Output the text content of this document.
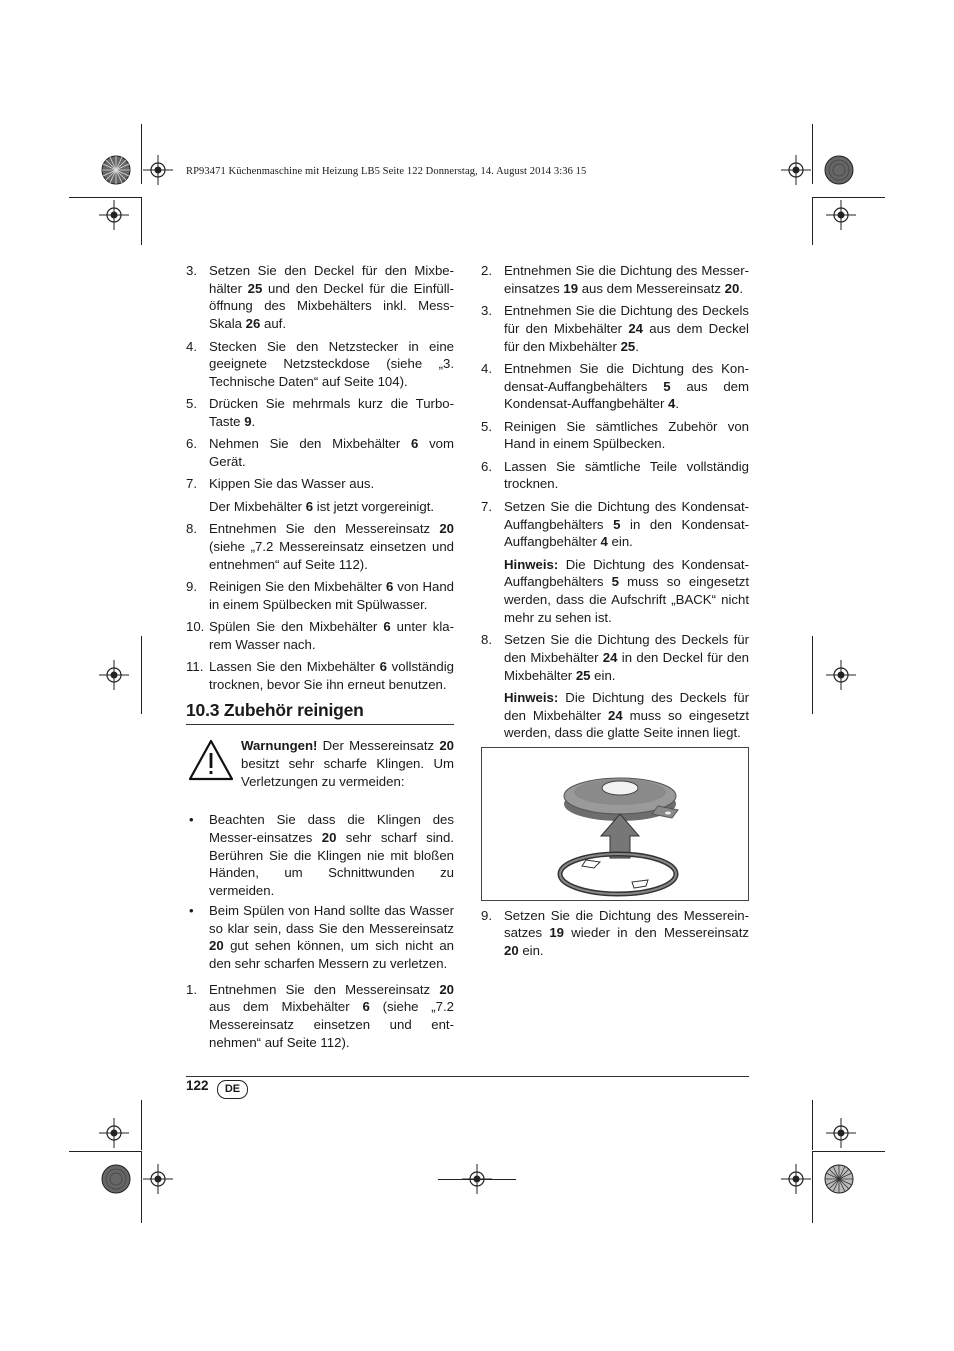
RP93471 Küchenmaschine mit Heizung LB5 Seite 122 Donnerstag, 14. August 2014 3:36 15
3. Setzen Sie den Deckel für den Mixbe-hälter 25 und den Deckel für die Einfüll-öffnung des Mixbehälters inkl. Mess-Skala 26 auf.
4. Stecken Sie den Netzstecker in eine geeignete Netzsteckdose (siehe „3. Technische Daten“ auf Seite 104).
5. Drücken Sie mehrmals kurz die Turbo-Taste 9.
6. Nehmen Sie den Mixbehälter 6 vom Gerät.
7. Kippen Sie das Wasser aus.
Der Mixbehälter 6 ist jetzt vorgereinigt.
8. Entnehmen Sie den Messereinsatz 20 (siehe „7.2 Messereinsatz einsetzen und entnehmen“ auf Seite 112).
9. Reinigen Sie den Mixbehälter 6 von Hand in einem Spülbecken mit Spülwasser.
10. Spülen Sie den Mixbehälter 6 unter kla-rem Wasser nach.
11. Lassen Sie den Mixbehälter 6 vollständig trocknen, bevor Sie ihn erneut benutzen.
10.3 Zubehör reinigen
Warnungen! Der Messereinsatz 20 besitzt sehr scharfe Klingen. Um Verletzungen zu vermeiden:
• Beachten Sie dass die Klingen des Messer-einsatzes 20 sehr scharf sind. Berühren Sie die Klingen nie mit bloßen Händen, um Schnittwunden zu vermeiden.
• Beim Spülen von Hand sollte das Wasser so klar sein, dass Sie den Messereinsatz 20 gut sehen können, um sich nicht an den sehr scharfen Messern zu verletzen.
1. Entnehmen Sie den Messereinsatz 20 aus dem Mixbehälter 6 (siehe „7.2 Messereinsatz einsetzen und ent-nehmen“ auf Seite 112).
2. Entnehmen Sie die Dichtung des Messer-einsatzes 19 aus dem Messereinsatz 20.
3. Entnehmen Sie die Dichtung des Deckels für den Mixbehälter 24 aus dem Deckel für den Mixbehälter 25.
4. Entnehmen Sie die Dichtung des Kon-densat-Auffangbehälters 5 aus dem Kondensat-Auffangbehälter 4.
5. Reinigen Sie sämtliches Zubehör von Hand in einem Spülbecken.
6. Lassen Sie sämtliche Teile vollständig trocknen.
7. Setzen Sie die Dichtung des Kondensat-Auffangbehälters 5 in den Kondensat-Auffangbehälter 4 ein.
Hinweis: Die Dichtung des Kondensat-Auffangbehälters 5 muss so eingesetzt werden, dass die Aufschrift „BACK“ nicht mehr zu sehen ist.
8. Setzen Sie die Dichtung des Deckels für den Mixbehälter 24 in den Deckel für den Mixbehälter 25 ein.
Hinweis: Die Dichtung des Deckels für den Mixbehälter 24 muss so eingesetzt werden, dass die glatte Seite innen liegt.
9. Setzen Sie die Dichtung des Messerein-satzes 19 wieder in den Messereinsatz 20 ein.
122	DE
